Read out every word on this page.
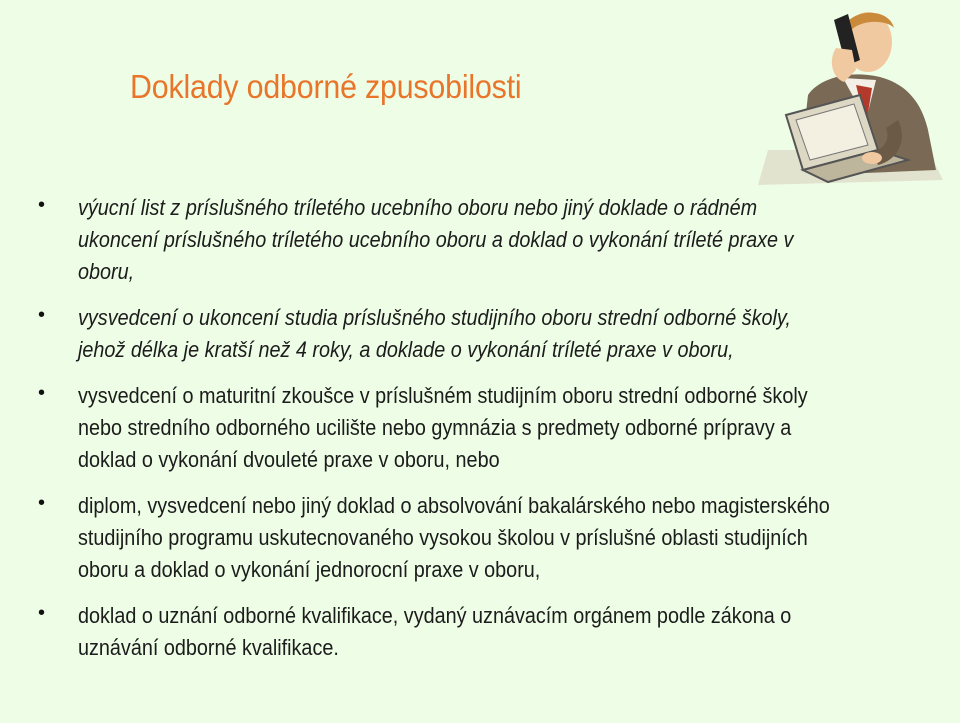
Doklady odborné zpusobilosti
• výucní list z príslušného tríletého ucebního oboru nebo jiný doklade o rádném
ukoncení príslušného tríletého ucebního oboru a doklad o vykonání tríleté praxe v
oboru,
• vysvedcení o ukoncení studia príslušného studijního oboru strední odborné školy,
jehož délka je kratší než 4 roky, a doklade o vykonání tríleté praxe v oboru,
• vysvedcení o maturitní zkoušce v príslušném studijním oboru strední odborné školy
nebo stredního odborného ucilište nebo gymnázia s predmety odborné prípravy a
doklad o vykonání dvouleté praxe v oboru, nebo
• diplom, vysvedcení nebo jiný doklad o absolvování bakalárského nebo magisterského
studijního programu uskutecnovaného vysokou školou v príslušné oblasti studijních
oboru a doklad o vykonání jednorocní praxe v oboru,
• doklad o uznání odborné kvalifikace, vydaný uznávacím orgánem podle zákona o
uznávání odborné kvalifikace.
